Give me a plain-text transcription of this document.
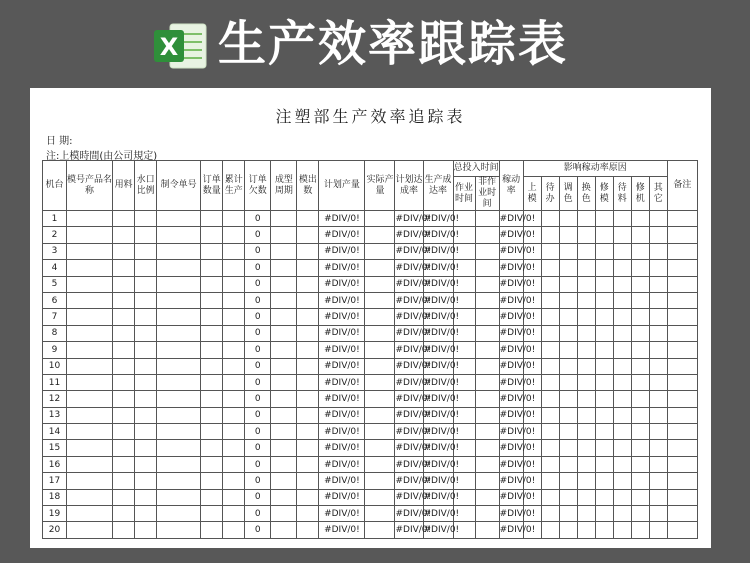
X 生产效率跟踪表
注塑部生产效率追踪表
日 期:
注:上模時間(由公司規定)
机台	模号产品名称	用料	水口比例	制令单号	订单数量	累计生产	订单欠数	成型周期	模出数	计划产量	实际产量	计划达成率	生产成达率	总投入时间		稼动率	影响稼动率原因								备注
														作业时间	非作业时间		上模	待办	调色	换色	修模	待料	修机	其它	
1							0			#DIV/0!		#DIV/0!	#DIV/0!			#DIV/0!									
2							0			#DIV/0!		#DIV/0!	#DIV/0!			#DIV/0!									
3							0			#DIV/0!		#DIV/0!	#DIV/0!			#DIV/0!									
4							0			#DIV/0!		#DIV/0!	#DIV/0!			#DIV/0!									
5							0			#DIV/0!		#DIV/0!	#DIV/0!			#DIV/0!									
6							0			#DIV/0!		#DIV/0!	#DIV/0!			#DIV/0!									
7							0			#DIV/0!		#DIV/0!	#DIV/0!			#DIV/0!									
8							0			#DIV/0!		#DIV/0!	#DIV/0!			#DIV/0!									
9							0			#DIV/0!		#DIV/0!	#DIV/0!			#DIV/0!									
10							0			#DIV/0!		#DIV/0!	#DIV/0!			#DIV/0!									
11							0			#DIV/0!		#DIV/0!	#DIV/0!			#DIV/0!									
12							0			#DIV/0!		#DIV/0!	#DIV/0!			#DIV/0!									
13							0			#DIV/0!		#DIV/0!	#DIV/0!			#DIV/0!									
14							0			#DIV/0!		#DIV/0!	#DIV/0!			#DIV/0!									
15							0			#DIV/0!		#DIV/0!	#DIV/0!			#DIV/0!									
16							0			#DIV/0!		#DIV/0!	#DIV/0!			#DIV/0!									
17							0			#DIV/0!		#DIV/0!	#DIV/0!			#DIV/0!									
18							0			#DIV/0!		#DIV/0!	#DIV/0!			#DIV/0!									
19							0			#DIV/0!		#DIV/0!	#DIV/0!			#DIV/0!									
20							0			#DIV/0!		#DIV/0!	#DIV/0!			#DIV/0!									
